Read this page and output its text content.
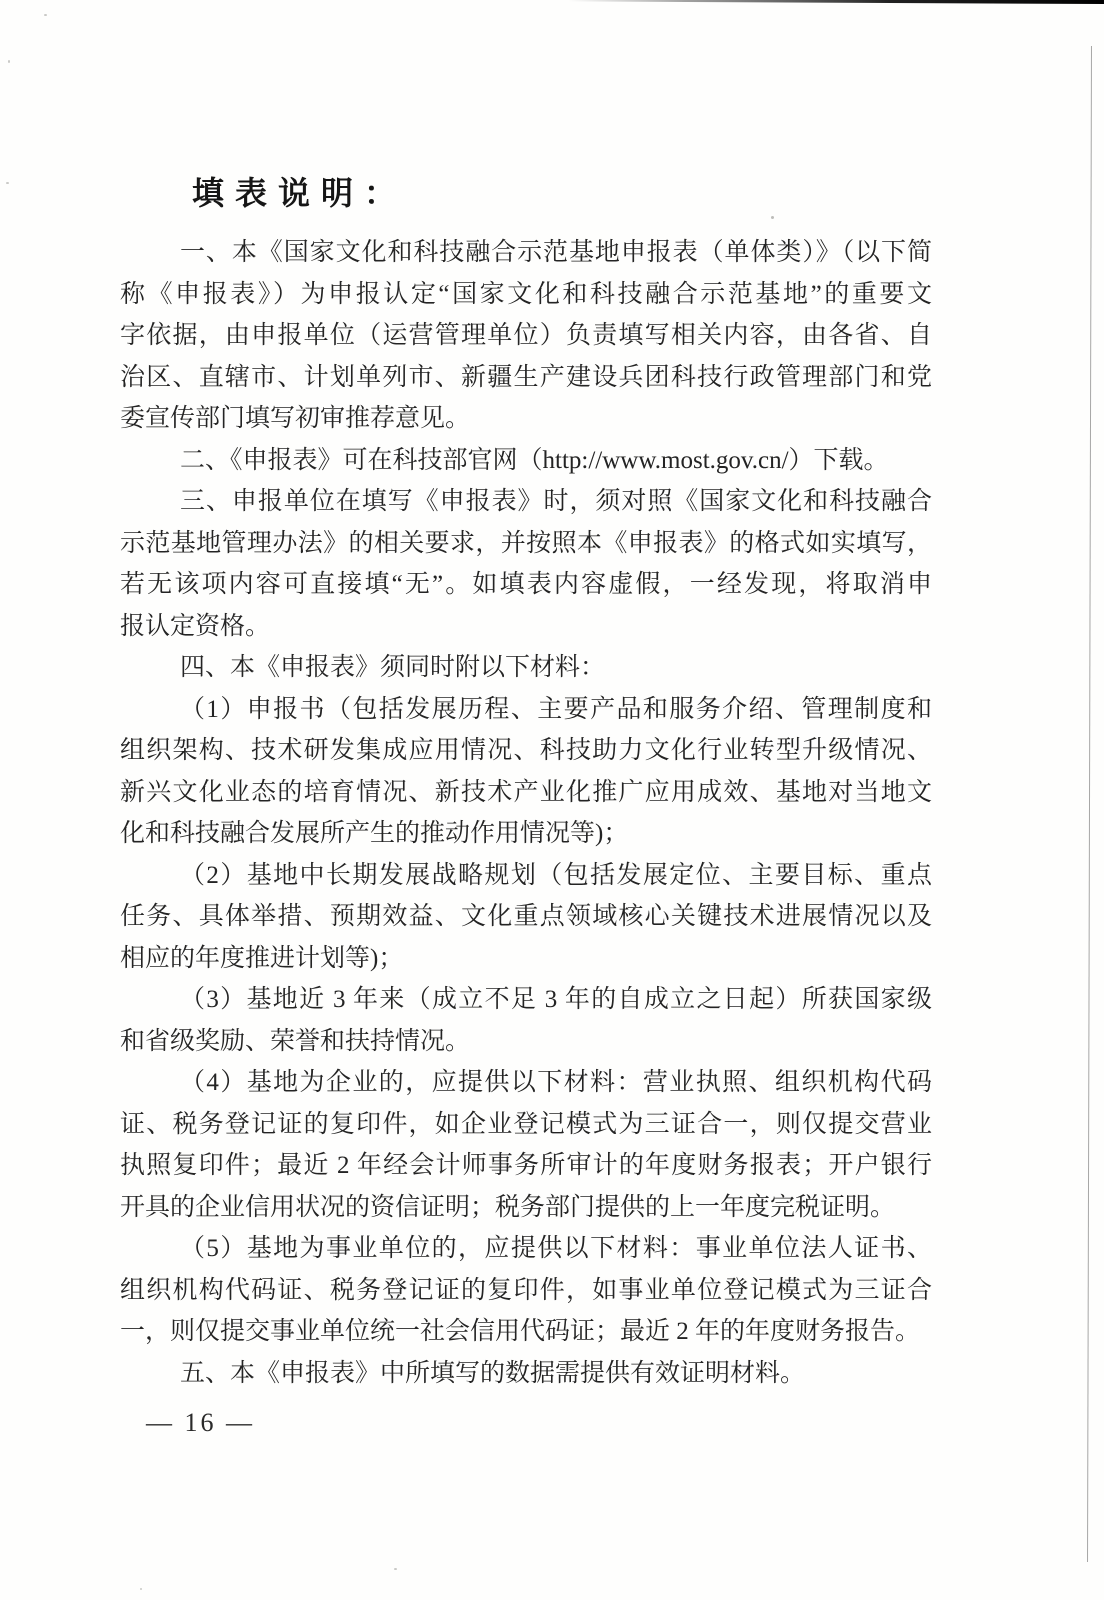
填表说明：
一、本《国家文化和科技融合示范基地申报表（单体类）》（以下简
称《申报表》）为申报认定“国家文化和科技融合示范基地”的重要文
字依据，由申报单位（运营管理单位）负责填写相关内容，由各省、自
治区、直辖市、计划单列市、新疆生产建设兵团科技行政管理部门和党
委宣传部门填写初审推荐意见。
二、《申报表》可在科技部官网（http://www.most.gov.cn/）下载。
三、申报单位在填写《申报表》时，须对照《国家文化和科技融合
示范基地管理办法》的相关要求，并按照本《申报表》的格式如实填写，
若无该项内容可直接填“无”。如填表内容虚假，一经发现，将取消申
报认定资格。
四、本《申报表》须同时附以下材料：
（1）申报书（包括发展历程、主要产品和服务介绍、管理制度和
组织架构、技术研发集成应用情况、科技助力文化行业转型升级情况、
新兴文化业态的培育情况、新技术产业化推广应用成效、基地对当地文
化和科技融合发展所产生的推动作用情况等)；
（2）基地中长期发展战略规划（包括发展定位、主要目标、重点
任务、具体举措、预期效益、文化重点领域核心关键技术进展情况以及
相应的年度推进计划等)；
（3）基地近 3 年来（成立不足 3 年的自成立之日起）所获国家级
和省级奖励、荣誉和扶持情况。
（4）基地为企业的，应提供以下材料：营业执照、组织机构代码
证、税务登记证的复印件，如企业登记模式为三证合一，则仅提交营业
执照复印件；最近 2 年经会计师事务所审计的年度财务报表；开户银行
开具的企业信用状况的资信证明；税务部门提供的上一年度完税证明。
（5）基地为事业单位的，应提供以下材料：事业单位法人证书、
组织机构代码证、税务登记证的复印件，如事业单位登记模式为三证合
一，则仅提交事业单位统一社会信用代码证；最近 2 年的年度财务报告。
五、本《申报表》中所填写的数据需提供有效证明材料。
— 16 —
